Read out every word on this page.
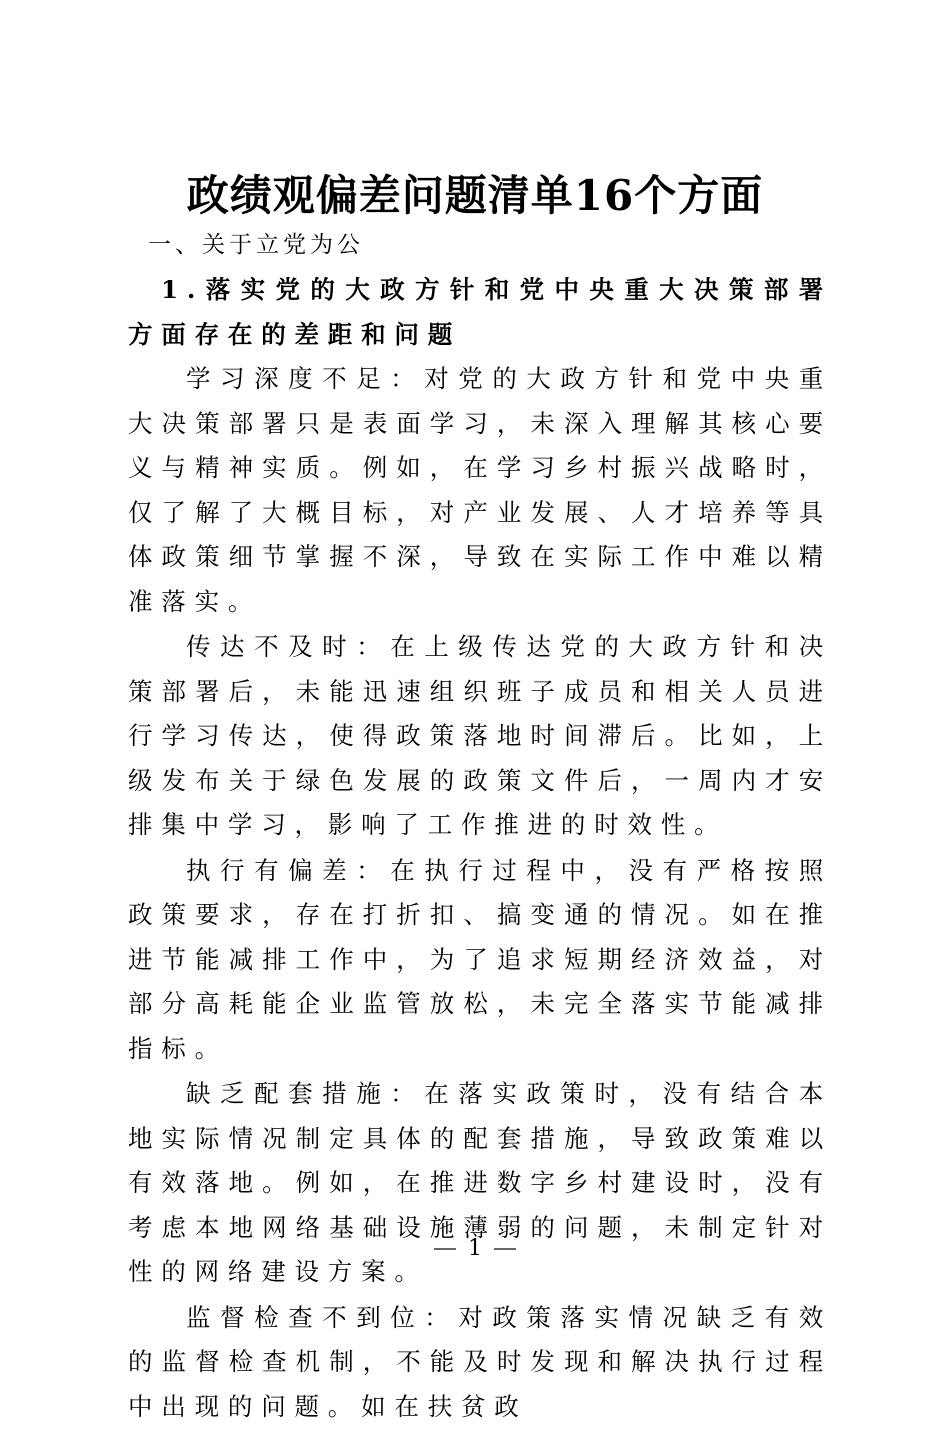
政绩观偏差问题清单16个方面
一、关于立党为公
1.落实党的大政方针和党中央重大决策部署方面存在的差距和问题

学习深度不足：对党的大政方针和党中央重大决策部署只是表面学习，未深入理解其核心要义与精神实质。例如，在学习乡村振兴战略时，仅了解了大概目标，对产业发展、人才培养等具体政策细节掌握不深，导致在实际工作中难以精准落实。

传达不及时：在上级传达党的大政方针和决策部署后，未能迅速组织班子成员和相关人员进行学习传达，使得政策落地时间滞后。比如，上级发布关于绿色发展的政策文件后，一周内才安排集中学习，影响了工作推进的时效性。

执行有偏差：在执行过程中，没有严格按照政策要求，存在打折扣、搞变通的情况。如在推进节能减排工作中，为了追求短期经济效益，对部分高耗能企业监管放松，未完全落实节能减排指标。

缺乏配套措施：在落实政策时，没有结合本地实际情况制定具体的配套措施，导致政策难以有效落地。例如，在推进数字乡村建设时，没有考虑本地网络基础设施薄弱的问题，未制定针对性的网络建设方案。

监督检查不到位：对政策落实情况缺乏有效的监督检查机制，不能及时发现和解决执行过程中出现的问题。如在扶贫政

1
